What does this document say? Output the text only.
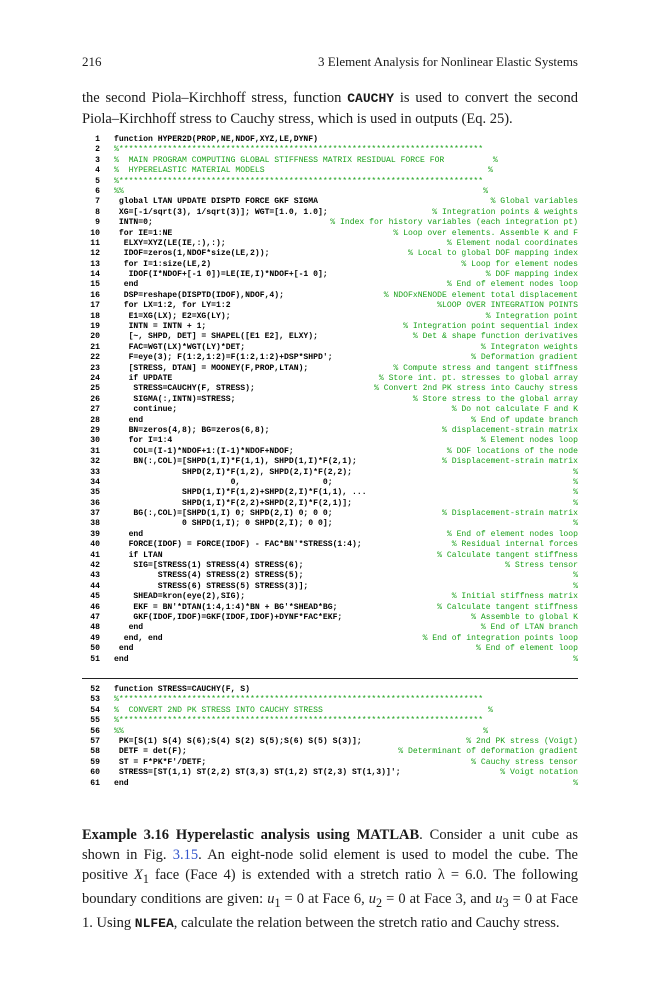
216	3 Element Analysis for Nonlinear Elastic Systems

the second Piola–Kirchhoff stress, function CAUCHY is used to convert the second Piola–Kirchhoff stress to Cauchy stress, which is used in outputs (Eq. 25).

1 function HYPER2D(PROP,NE,NDOF,XYZ,LE,DYNF)
2 %***************************************************************************
3 %  MAIN PROGRAM COMPUTING GLOBAL STIFFNESS MATRIX RESIDUAL FORCE FOR          %
4 %  HYPERELASTIC MATERIAL MODELS                                              %
5 %***************************************************************************
6 %%                                                                          %
7 global LTAN UPDATE DISPTD FORCE GKF SIGMA	% Global variables
8 XG=[-1/sqrt(3), 1/sqrt(3)]; WGT=[1.0, 1.0];	% Integration points & weights
9 INTN=0;	% Index for history variables (each integration pt)
10 for IE=1:NE	% Loop over elements. Assemble K and F
11 ELXY=XYZ(LE(IE,:),:);	% Element nodal coordinates
12 IDOF=zeros(1,NDOF*size(LE,2));	% Local to global DOF mapping index
13 for I=1:size(LE,2)	% Loop for element nodes
14 IDOF(I*NDOF+[-1 0])=LE(IE,I)*NDOF+[-1 0];	% DOF mapping index
15 end	% End of element nodes loop
16 DSP=reshape(DISPTD(IDOF),NDOF,4);	% NDOFxNENODE element total displacement
17 for LX=1:2, for LY=1:2	%LOOP OVER INTEGRATION POINTS
18 E1=XG(LX); E2=XG(LY);	% Integration point
19 INTN = INTN + 1;	% Integration point sequential index
20 [~, SHPD, DET] = SHAPEL([E1 E2], ELXY);	% Det & shape function derivatives
21 FAC=WGT(LX)*WGT(LY)*DET;	% Integraton weights
22 F=eye(3); F(1:2,1:2)=F(1:2,1:2)+DSP*SHPD';	% Deformation gradient
23 [STRESS, DTAN] = MOONEY(F,PROP,LTAN);	% Compute stress and tangent stiffness
24 if UPDATE	% Store int. pt. stresses to global array
25 STRESS=CAUCHY(F, STRESS);	% Convert 2nd PK stress into Cauchy stress
26 SIGMA(:,INTN)=STRESS;	% Store stress to the global array
27 continue;	% Do not calculate F and K
28 end	% End of update branch
29 BN=zeros(4,8); BG=zeros(6,8);	% displacement-strain matrix
30 for I=1:4	% Element nodes loop
31 COL=(I-1)*NDOF+1:(I-1)*NDOF+NDOF;	% DOF locations of the node
32 BN(:,COL)=[SHPD(1,I)*F(1,1), SHPD(1,I)*F(2,1);	% Displacement-strain matrix
33 SHPD(2,I)*F(1,2), SHPD(2,I)*F(2,2);	%
34 0,                 0;	%
35 SHPD(1,I)*F(1,2)+SHPD(2,I)*F(1,1), ...	%
36 SHPD(1,I)*F(2,2)+SHPD(2,I)*F(2,1)];	%
37 BG(:,COL)=[SHPD(1,I) 0; SHPD(2,I) 0; 0 0;	% Displacement-strain matrix
38 0 SHPD(1,I); 0 SHPD(2,I); 0 0];	%
39 end	% End of element nodes loop
40 FORCE(IDOF) = FORCE(IDOF) - FAC*BN'*STRESS(1:4);	% Residual internal forces
41 if LTAN	% Calculate tangent stiffness
42 SIG=[STRESS(1) STRESS(4) STRESS(6);	% Stress tensor
43 STRESS(4) STRESS(2) STRESS(5);	%
44 STRESS(6) STRESS(5) STRESS(3)];	%
45 SHEAD=kron(eye(2),SIG);	% Initial stiffness matrix
46 EKF = BN'*DTAN(1:4,1:4)*BN + BG'*SHEAD*BG;	% Calculate tangent stiffness
47 GKF(IDOF,IDOF)=GKF(IDOF,IDOF)+DYNF*FAC*EKF;	% Assemble to global K
48 end	% End of LTAN branch
49 end, end	% End of integration points loop
50 end	% End of element loop
51 end	%
52 function STRESS=CAUCHY(F, S)
53 %***************************************************************************
54 %  CONVERT 2ND PK STRESS INTO CAUCHY STRESS                                  %
55 %***************************************************************************
56 %%                                                                          %
57 PK=[S(1) S(4) S(6);S(4) S(2) S(5);S(6) S(5) S(3)];	% 2nd PK stress (Voigt)
58 DETF = det(F);	% Determinant of deformation gradient
59 ST = F*PK*F'/DETF;	% Cauchy stress tensor
60 STRESS=[ST(1,1) ST(2,2) ST(3,3) ST(1,2) ST(2,3) ST(1,3)]';	% Voigt notation
61 end	%

Example 3.16 Hyperelastic analysis using MATLAB. Consider a unit cube as shown in Fig. 3.15. An eight-node solid element is used to model the cube. The positive $X_1$ face (Face 4) is extended with a stretch ratio λ = 6.0. The following boundary conditions are given: $u_1 = 0$ at Face 6, $u_2 = 0$ at Face 3, and $u_3 = 0$ at Face 1. Using NLFEA, calculate the relation between the stretch ratio and Cauchy stress.
